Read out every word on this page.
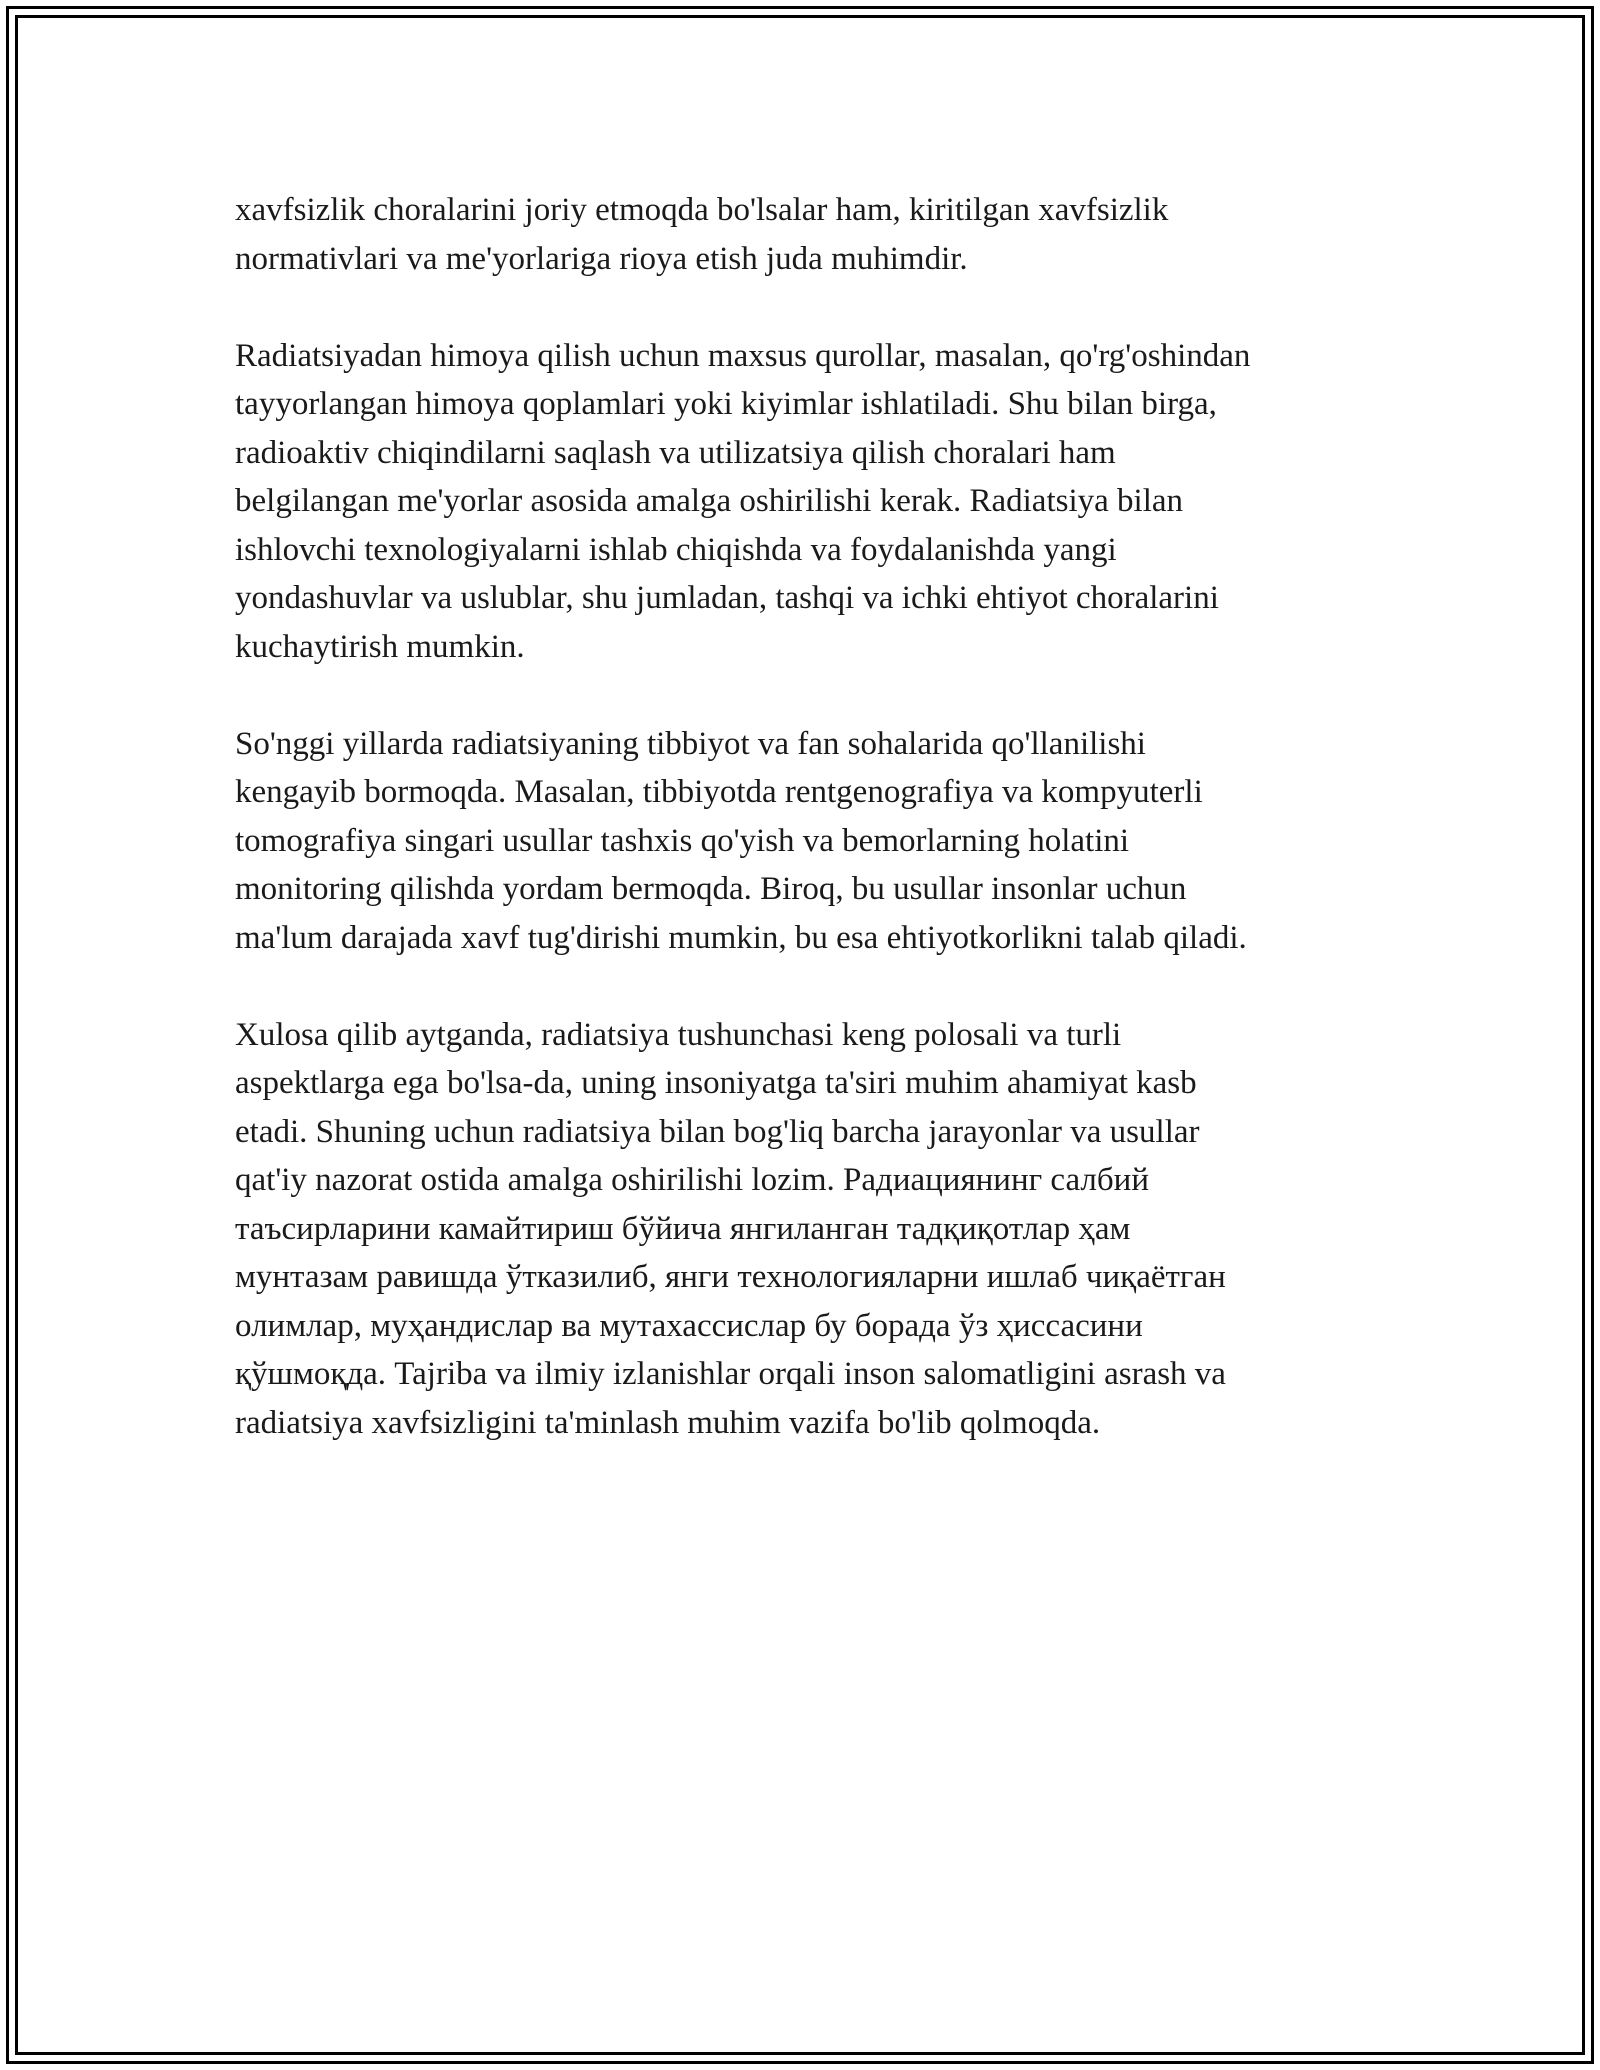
xavfsizlik choralarini joriy etmoqda bo'lsalar ham, kiritilgan xavfsizlik
normativlari va me'yorlariga rioya etish juda muhimdir.

Radiatsiyadan himoya qilish uchun maxsus qurollar, masalan, qo'rg'oshindan
tayyorlangan himoya qoplamlari yoki kiyimlar ishlatiladi. Shu bilan birga,
radioaktiv chiqindilarni saqlash va utilizatsiya qilish choralari ham
belgilangan me'yorlar asosida amalga oshirilishi kerak. Radiatsiya bilan
ishlovchi texnologiyalarni ishlab chiqishda va foydalanishda yangi
yondashuvlar va uslublar, shu jumladan, tashqi va ichki ehtiyot choralarini
kuchaytirish mumkin.

So'nggi yillarda radiatsiyaning tibbiyot va fan sohalarida qo'llanilishi
kengayib bormoqda. Masalan, tibbiyotda rentgenografiya va kompyuterli
tomografiya singari usullar tashxis qo'yish va bemorlarning holatini
monitoring qilishda yordam bermoqda. Biroq, bu usullar insonlar uchun
ma'lum darajada xavf tug'dirishi mumkin, bu esa ehtiyotkorlikni talab qiladi.

Xulosa qilib aytganda, radiatsiya tushunchasi keng polosali va turli
aspektlarga ega bo'lsa-da, uning insoniyatga ta'siri muhim ahamiyat kasb
etadi. Shuning uchun radiatsiya bilan bog'liq barcha jarayonlar va usullar
qat'iy nazorat ostida amalga oshirilishi lozim. Радиациянинг салбий
таъсирларини камайтириш бўйича янгиланган тадқиқотлар ҳам
мунтазам равишда ўтказилиб, янги технологияларни ишлаб чиқаётган
олимлар, муҳандислар ва мутахассислар бу борада ўз ҳиссасини
қўшмоқда. Tajriba va ilmiy izlanishlar orqali inson salomatligini asrash va
radiatsiya xavfsizligini ta'minlash muhim vazifa bo'lib qolmoqda.
